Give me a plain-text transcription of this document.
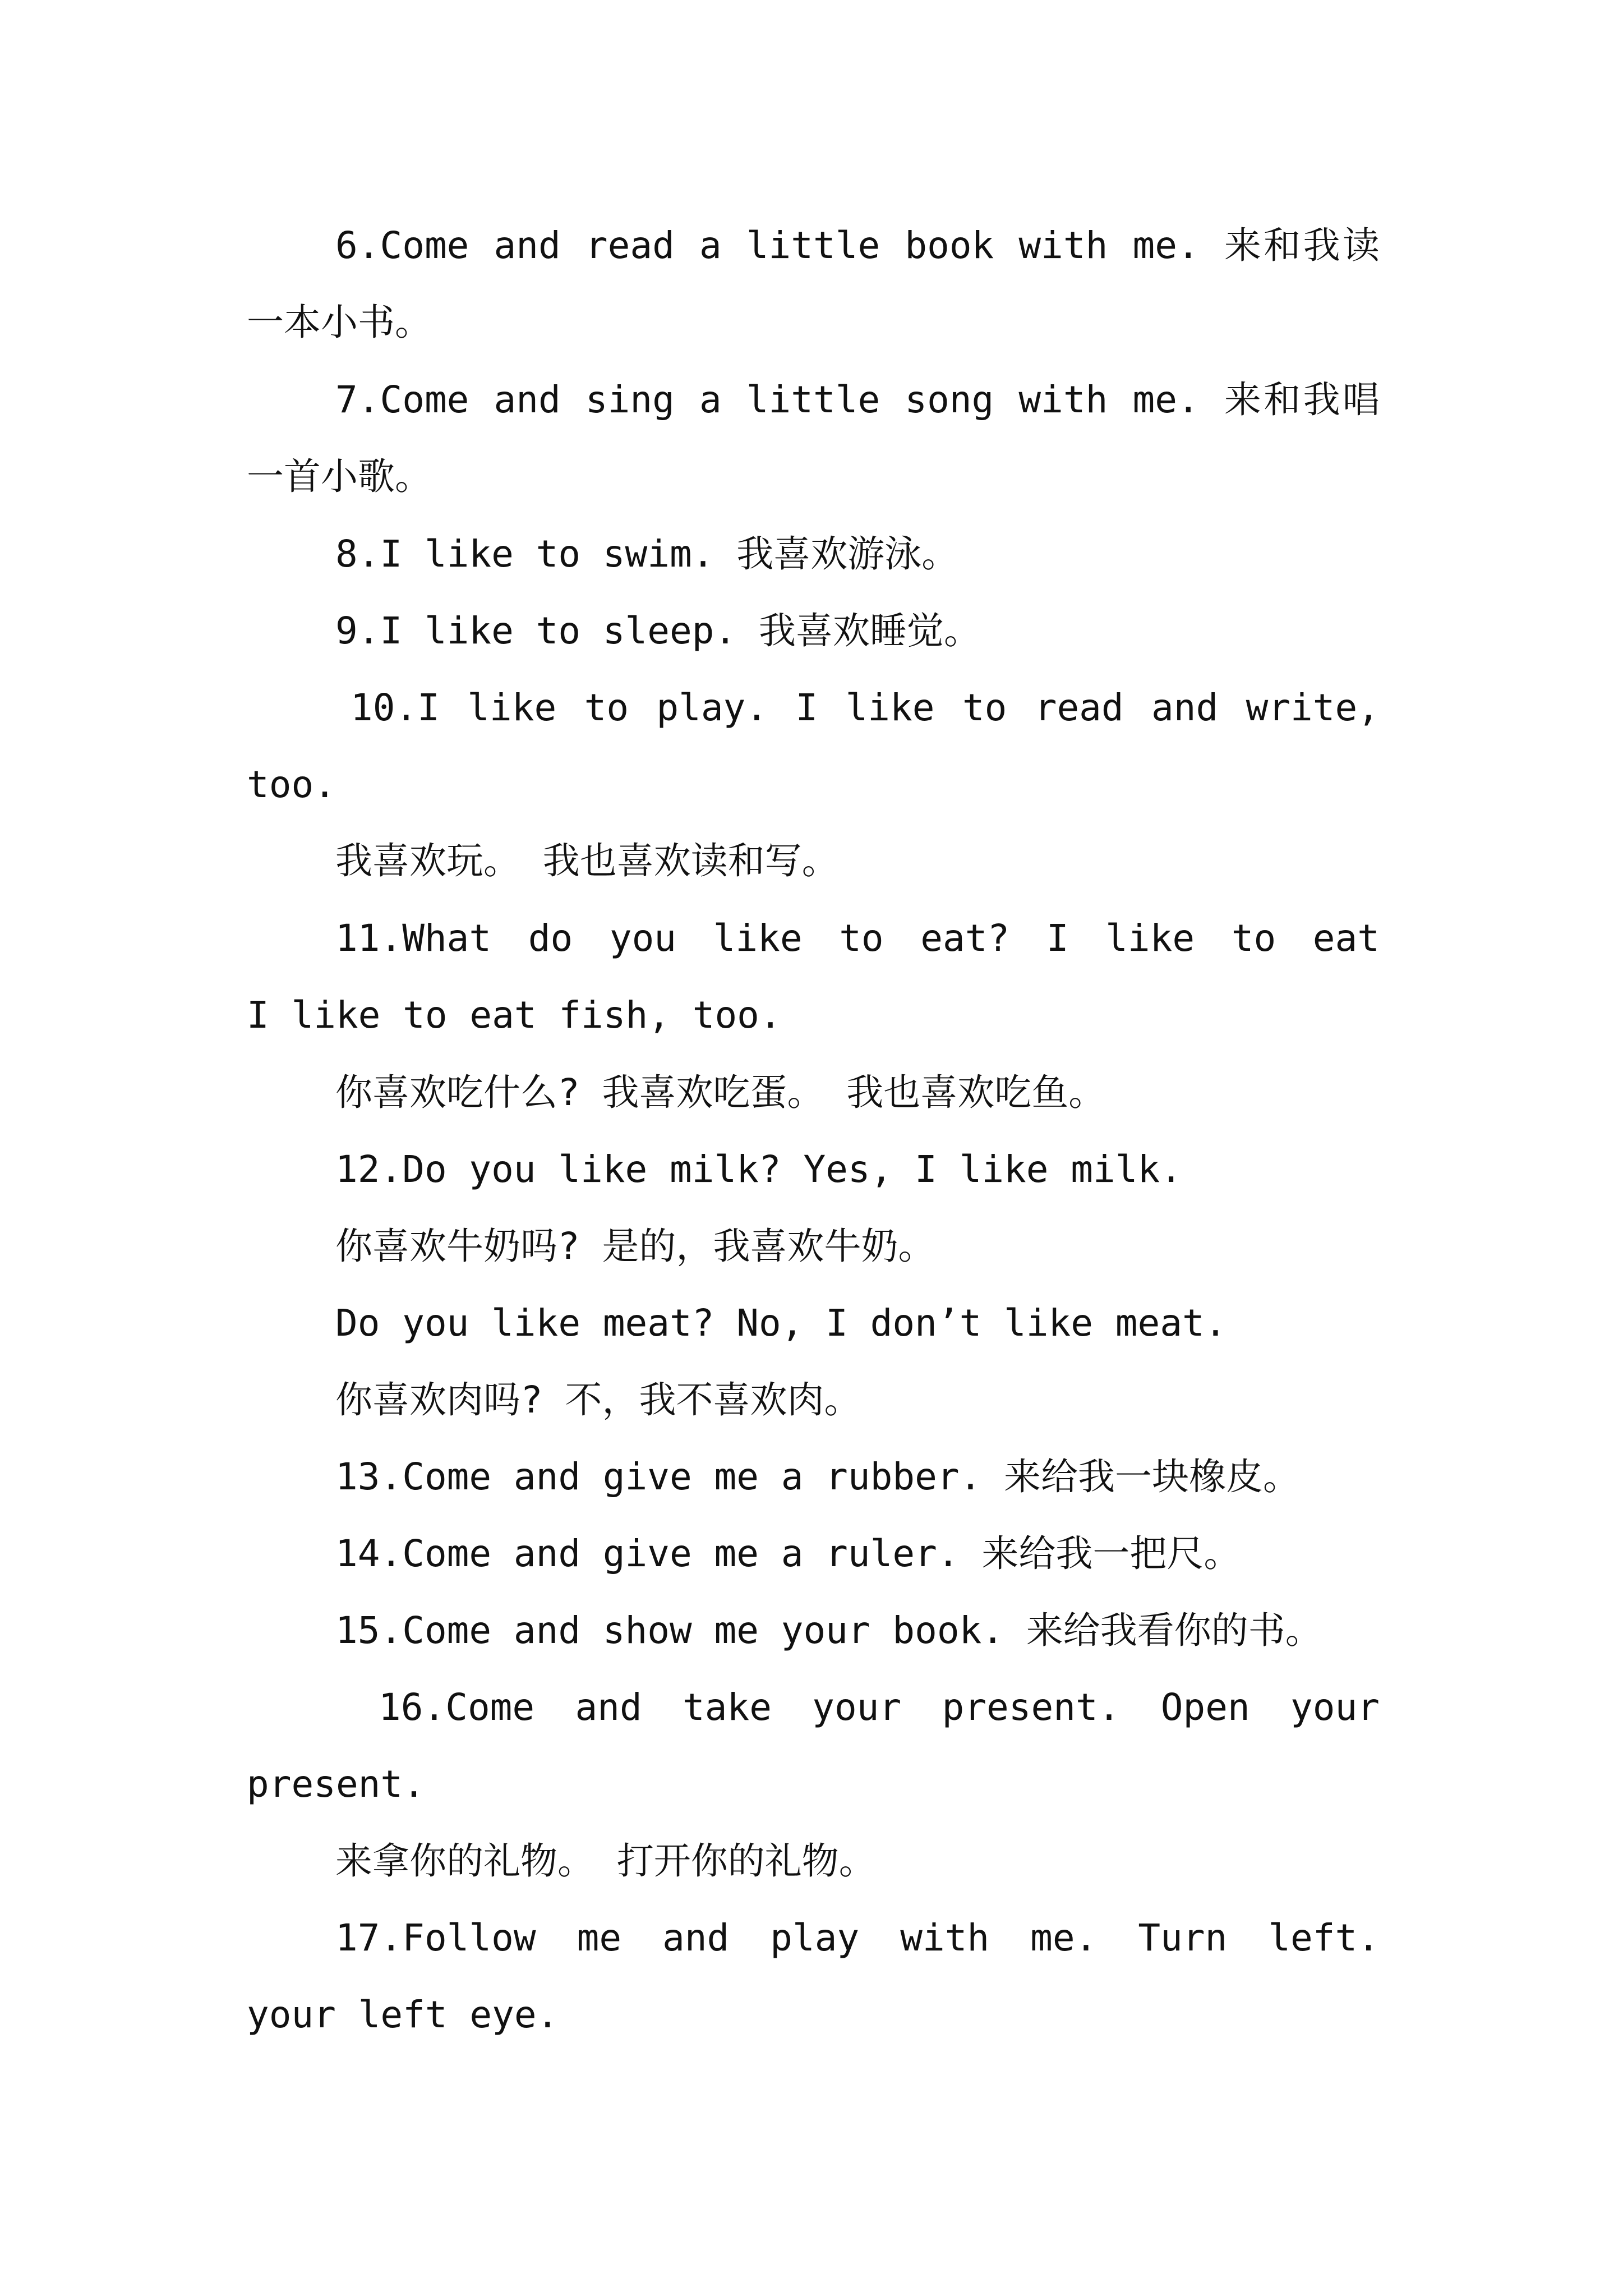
6.Come and read a little book with me. 来和我读
一本小书。
7.Come and sing a little song with me. 来和我唱
一首小歌。
8.I like to swim. 我喜欢游泳。
9.I like to sleep. 我喜欢睡觉。
10.I like to play. I like to read and write,
too.
我喜欢玩。 我也喜欢读和写。
11.What do you like to eat? I like to eat
I like to eat fish, too.
你喜欢吃什么? 我喜欢吃蛋。 我也喜欢吃鱼。
12.Do you like milk? Yes, I like milk.
你喜欢牛奶吗? 是的，我喜欢牛奶。
Do you like meat? No, I don’t like meat.
你喜欢肉吗? 不，我不喜欢肉。
13.Come and give me a rubber. 来给我一块橡皮。
14.Come and give me a ruler. 来给我一把尺。
15.Come and show me your book. 来给我看你的书。
16.Come and take your present. Open your
present.
来拿你的礼物。 打开你的礼物。
17.Follow me and play with me. Turn left.
your left eye.
